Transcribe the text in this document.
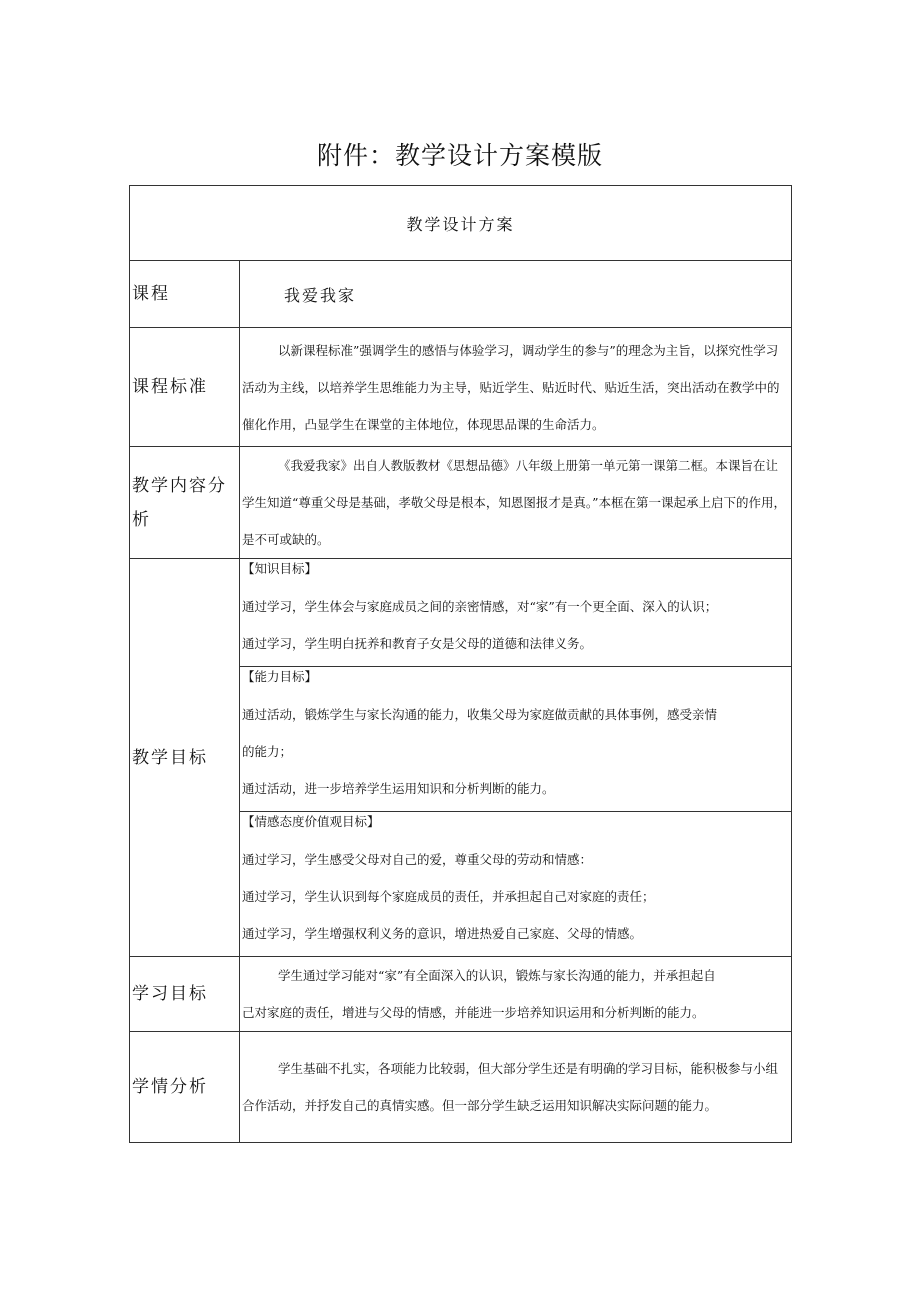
附件：教学设计方案模版
教学设计方案	
课程	我爱我家
课程标准	以新课程标准”强调学生的感悟与体验学习，调动学生的参与”的理念为主旨，以探究性学习活动为主线，以培养学生思维能力为主导，贴近学生、贴近时代、贴近生活，突出活动在教学中的催化作用，凸显学生在课堂的主体地位，体现思品课的生命活力。
教学内容分析	《我爱我家》出自人教版教材《思想品德》八年级上册第一单元第一课第二框。本课旨在让学生知道“尊重父母是基础，孝敬父母是根本，知恩图报才是真。”本框在第一课起承上启下的作用，是不可或缺的。
教学目标	【知识目标】

通过学习，学生体会与家庭成员之间的亲密情感，对“家”有一个更全面、深入的认识；

通过学习，学生明白抚养和教育子女是父母的道德和法律义务。

	【能力目标】

通过活动，锻炼学生与家长沟通的能力，收集父母为家庭做贡献的具体事例，感受亲情

的能力；

通过活动，进一步培养学生运用知识和分析判断的能力。

	【情感态度价值观目标】

通过学习，学生感受父母对自己的爱，尊重父母的劳动和情感：

通过学习，学生认识到每个家庭成员的责任，并承担起自己对家庭的责任；

通过学习，学生增强权利义务的意识，增进热爱自己家庭、父母的情感。

学习目标	学生通过学习能对“家”有全面深入的认识，锻炼与家长沟通的能力，并承担起自

己对家庭的责任，增进与父母的情感，并能进一步培养知识运用和分析判断的能力。

学情分析	学生基础不扎实，各项能力比较弱，但大部分学生还是有明确的学习目标，能积极参与小组合作活动，并抒发自己的真情实感。但一部分学生缺乏运用知识解决实际问题的能力。
